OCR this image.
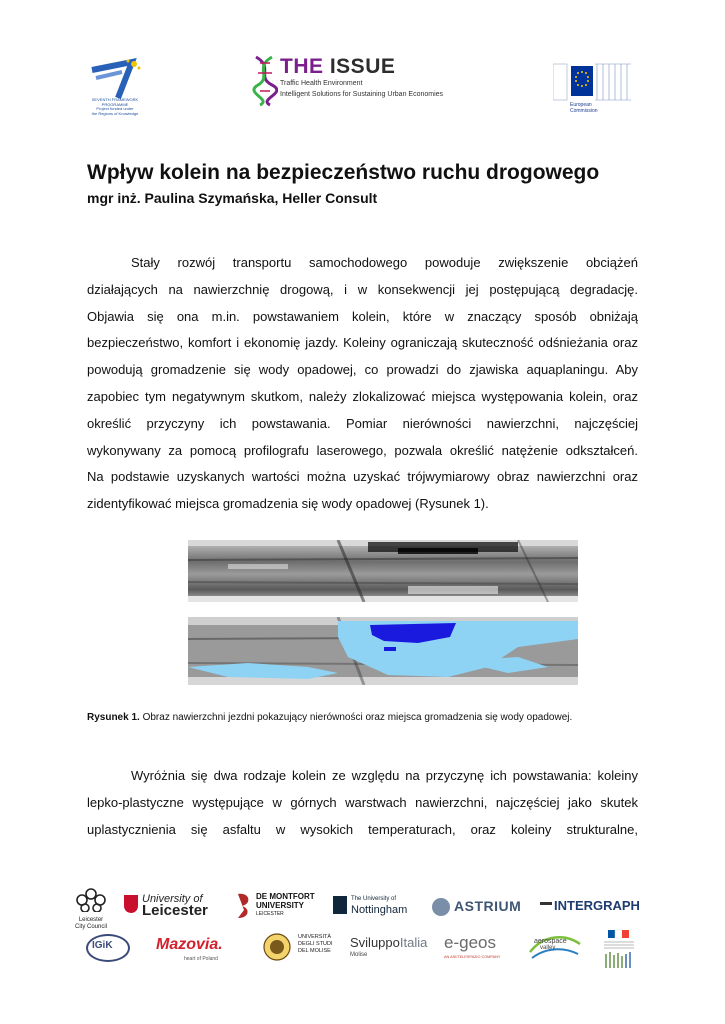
SEVENTH FRAMEWORK
PROGRAMME
Project funded under
the Regions of Knowledge
THE ISSUE
Traffic Health Environment
Intelligent Solutions for Sustaining Urban Economies
European
Commission
Wpływ kolein na bezpieczeństwo ruchu drogowego
mgr inż. Paulina Szymańska, Heller Consult
Stały rozwój transportu samochodowego powoduje zwiększenie obciążeń
działających na nawierzchnię drogową, i w konsekwencji jej postępującą degradację.
Objawia się ona m.in. powstawaniem kolein, które w znaczący sposób obniżają
bezpieczeństwo, komfort i ekonomię jazdy. Koleiny ograniczają skuteczność odśnieżania oraz
powodują gromadzenie się wody opadowej, co prowadzi do zjawiska aquaplaningu. Aby
zapobiec tym negatywnym skutkom, należy zlokalizować miejsca występowania kolein, oraz
określić przyczyny ich powstawania. Pomiar nierówności nawierzchni, najczęściej
wykonywany za pomocą profilografu laserowego, pozwala określić natężenie odkształceń.
Na podstawie uzyskanych wartości można uzyskać trójwymiarowy obraz nawierzchni oraz
zidentyfikować miejsca gromadzenia się wody opadowej (Rysunek 1).
Rysunek 1. Obraz nawierzchni jezdni pokazujący nierówności oraz miejsca gromadzenia się wody opadowej.
Wyróżnia się dwa rodzaje kolein ze względu na przyczynę ich powstawania: koleiny
lepko-plastyczne występujące w górnych warstwach nawierzchni, najczęściej jako skutek
uplastycznienia się asfaltu w wysokich temperaturach, oraz koleiny strukturalne,
Leicester
City Council
University of
Leicester
DE MONTFORT
UNIVERSITY
LEICESTER
The University of
Nottingham	ASTRIUM	INTERGRAPH
IGiK	Mazovia.
heart of Poland
UNIVERSITÀ
DEGLI STUDI
DEL MOLISE
SviluppoItalia
Molise
e-geos
AN ASI/TELESPAZIO COMPANY
aerospace
valley
